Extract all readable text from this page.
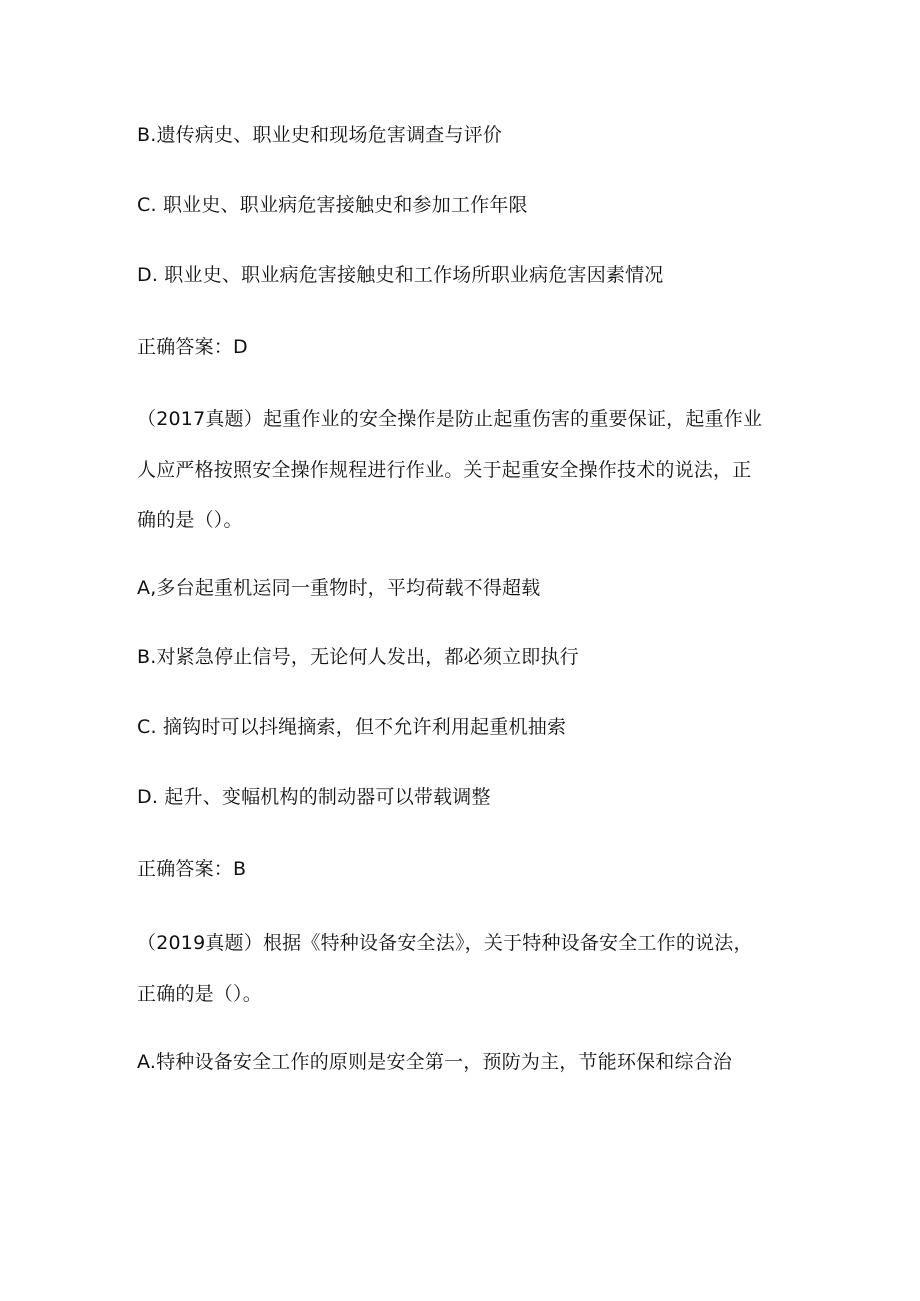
B.遗传病史、职业史和现场危害调查与评价
C. 职业史、职业病危害接触史和参加工作年限
D. 职业史、职业病危害接触史和工作场所职业病危害因素情况
正确答案：D
（2017真题）起重作业的安全操作是防止起重伤害的重要保证，起重作业
人应严格按照安全操作规程进行作业。关于起重安全操作技术的说法，正
确的是（）。
A,多台起重机运同一重物时，平均荷载不得超载
B.对紧急停止信号，无论何人发出，都必须立即执行
C. 摘钩时可以抖绳摘索，但不允许利用起重机抽索
D. 起升、变幅机构的制动器可以带载调整
正确答案：B
（2019真题）根据《特种设备安全法》，关于特种设备安全工作的说法，
正确的是（）。
A.特种设备安全工作的原则是安全第一，预防为主，节能环保和综合治
